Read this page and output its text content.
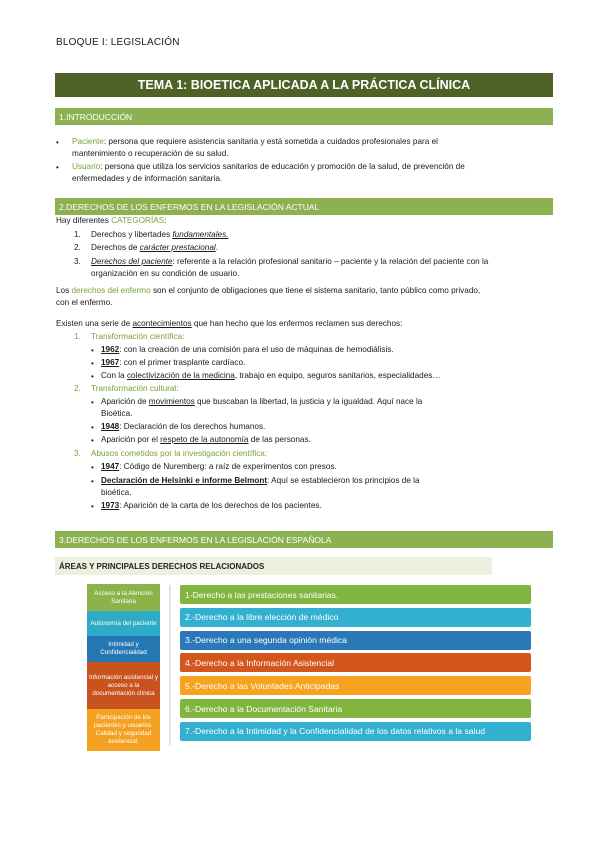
BLOQUE I: LEGISLACIÓN
TEMA 1: BIOETICA APLICADA A LA PRÁCTICA CLÍNICA
1.INTRODUCCIÓN
• Paciente: persona que requiere asistencia sanitaria y está sometida a cuidados profesionales para el
mantenimiento o recuperación de su salud.
• Usuario: persona que utiliza los servicios sanitarios de educación y promoción de la salud, de prevención de
enfermedades y de información sanitaria.
2.DERECHOS DE LOS ENFERMOS EN LA LEGISLACIÓN ACTUAL
Hay diferentes CATEGORÍAS:
1. Derechos y libertades fundamentales.
2. Derechos de carácter prestacional.
3. Derechos del paciente: referente a la relación profesional sanitario – paciente y la relación del paciente con la
organización en su condición de usuario.
Los derechos del enfermo son el conjunto de obligaciones que tiene el sistema sanitario, tanto público como privado,
con el enfermo.
Existen una serie de acontecimientos que han hecho que los enfermos reclamen sus derechos:
1. Transformación científica:
• 1962: con la creación de una comisión para el uso de máquinas de hemodiálisis.
• 1967: con el primer trasplante cardíaco.
• Con la colectivización de la medicina, trabajo en equipo, seguros sanitarios, especialidades…
2. Transformación cultural:
• Aparición de movimientos que buscaban la libertad, la justicia y la igualdad. Aquí nace la
Bioética.
• 1948: Declaración de los derechos humanos.
• Aparición por el respeto de la autonomía de las personas.
3. Abusos cometidos por la investigación científica:
• 1947: Código de Nuremberg: a raíz de experimentos con presos.
• Declaración de Helsinki e informe Belmont: Aquí se establecieron los principios de la
bioética.
• 1973: Aparición de la carta de los derechos de los pacientes.
3.DERECHOS DE LOS ENFERMOS EN LA LEGISLACIÓN ESPAÑOLA
ÁREAS Y PRINCIPALES DERECHOS RELACIONADOS
Acceso a la Atención Sanitaria
Autonomía del paciente
Intimidad y Confidencialidad
Información asistencial y acceso a la documentación clínica
Participación de los pacientes y usuarios. Calidad y seguridad asistencial.
1-Derecho a las prestaciones sanitarias.
2.-Derecho a la libre elección de médico
3.-Derecho a una segunda opinión médica
4.-Derecho a la Información Asistencial
5.-Derecho a las Voluntades Anticipadas
6.-Derecho a la Documentación Sanitaria
7.-Derecho a la Intimidad y la Confidencialidad de los datos relativos a la salud
